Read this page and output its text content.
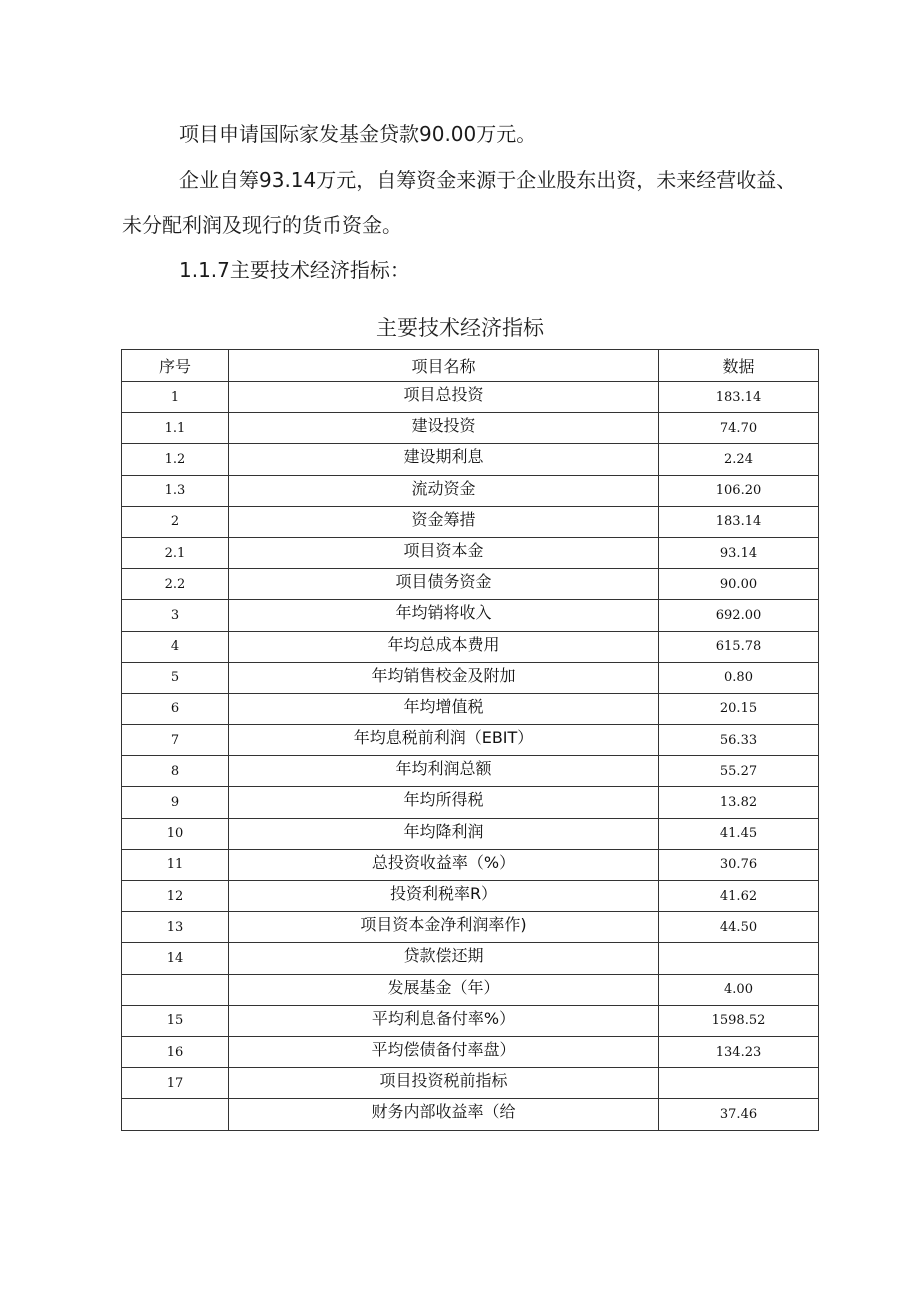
项目申请国际家发基金贷款90.00万元。

企业自筹93.14万元，自筹资金来源于企业股东出资，未来经营收益、未分配利润及现行的货币资金。

1.1.7主要技术经济指标：

主要技术经济指标
序号	项目名称	数据
1	项目总投资	183.14
1.1	建设投资	74.70
1.2	建设期利息	2.24
1.3	流动资金	106.20
2	资金筹措	183.14
2.1	项目资本金	93.14
2.2	项目债务资金	90.00
3	年均销将收入	692.00
4	年均总成本费用	615.78
5	年均销售校金及附加	0.80
6	年均增值税	20.15
7	年均息税前利润（EBIT）	56.33
8	年均利润总额	55.27
9	年均所得税	13.82
10	年均降利润	41.45
11	总投资收益率（%）	30.76
12	投资利税率R）	41.62
13	项目资本金净利润率作)	44.50
14	贷款偿还期	
	发展基金（年）	4.00
15	平均利息备付率%）	1598.52
16	平均偿债备付率盘）	134.23
17	项目投资税前指标	
	财务内部收益率（给	37.46
